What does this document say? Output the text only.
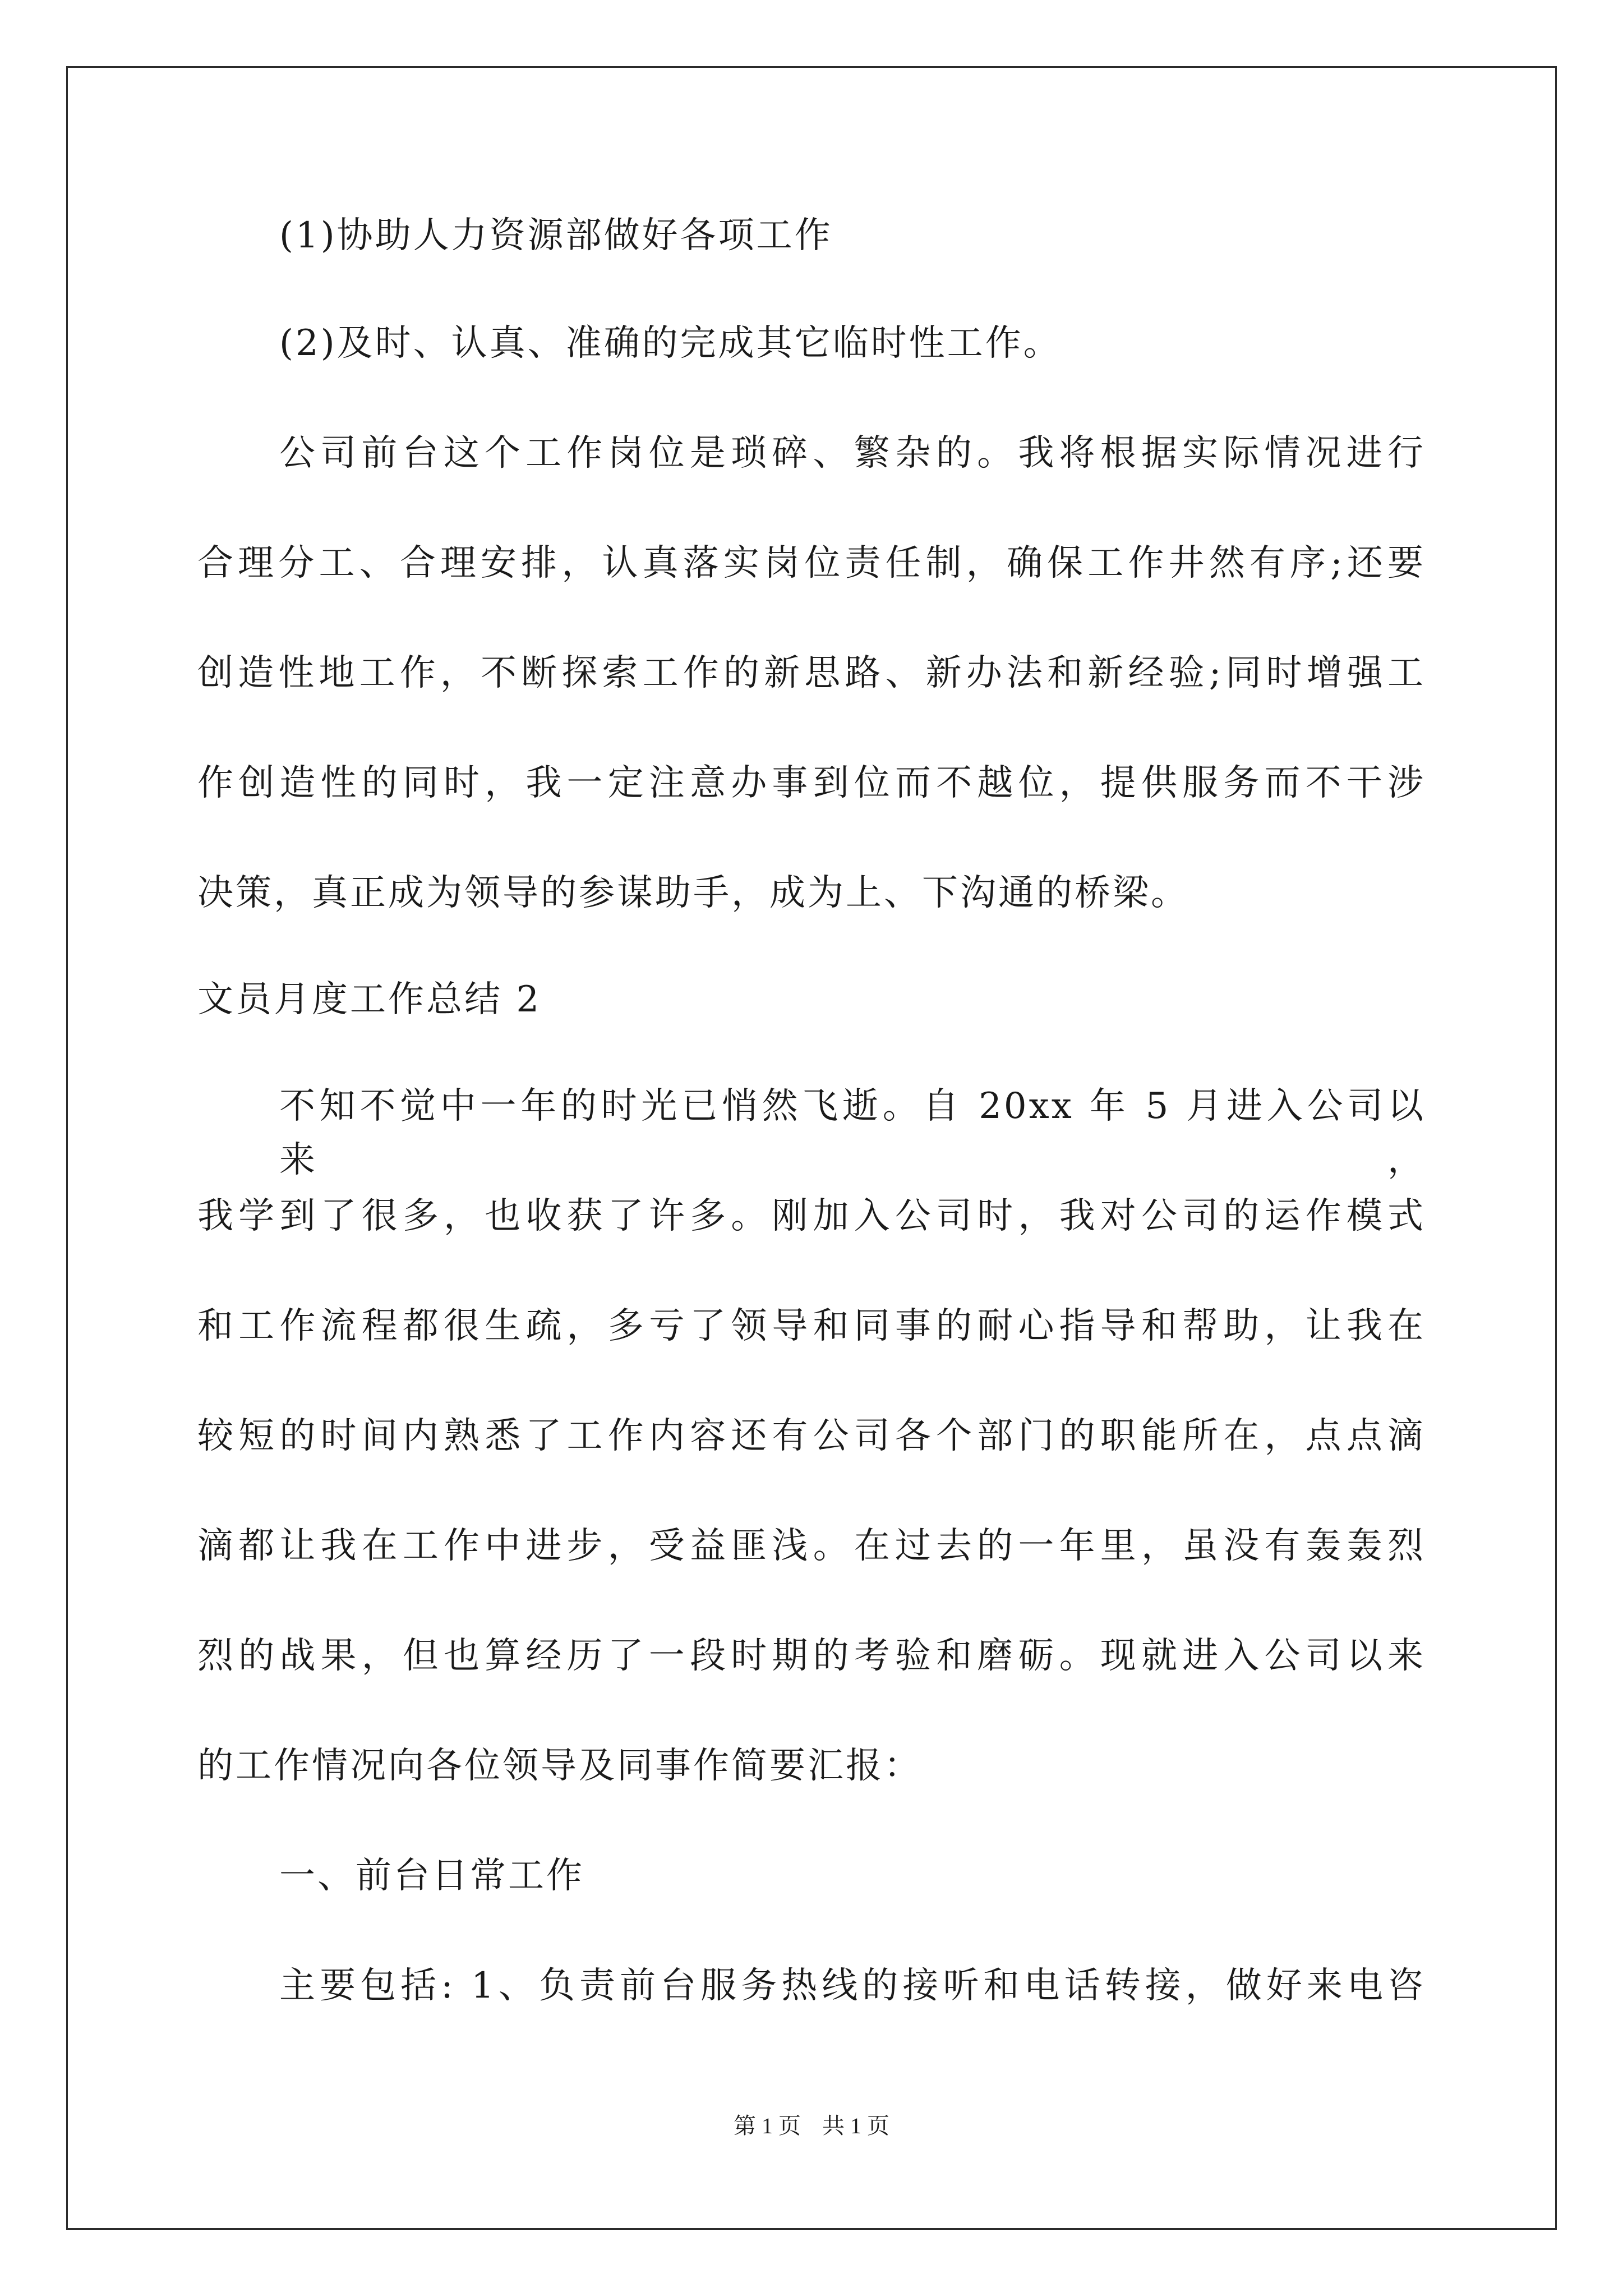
(1)协助人力资源部做好各项工作
(2)及时、认真、准确的完成其它临时性工作。
公司前台这个工作岗位是琐碎、繁杂的。我将根据实际情况进行
合理分工、合理安排，认真落实岗位责任制，确保工作井然有序;还要
创造性地工作，不断探索工作的新思路、新办法和新经验;同时增强工
作创造性的同时，我一定注意办事到位而不越位，提供服务而不干涉
决策，真正成为领导的参谋助手，成为上、下沟通的桥梁。
文员月度工作总结 2
不知不觉中一年的时光已悄然飞逝。自 20xx 年 5 月进入公司以来，
我学到了很多，也收获了许多。刚加入公司时，我对公司的运作模式
和工作流程都很生疏，多亏了领导和同事的耐心指导和帮助，让我在
较短的时间内熟悉了工作内容还有公司各个部门的职能所在，点点滴
滴都让我在工作中进步，受益匪浅。在过去的一年里，虽没有轰轰烈
烈的战果，但也算经历了一段时期的考验和磨砺。现就进入公司以来
的工作情况向各位领导及同事作简要汇报：
一、前台日常工作
主要包括: 1、负责前台服务热线的接听和电话转接，做好来电咨
第 1 页 共 1 页
